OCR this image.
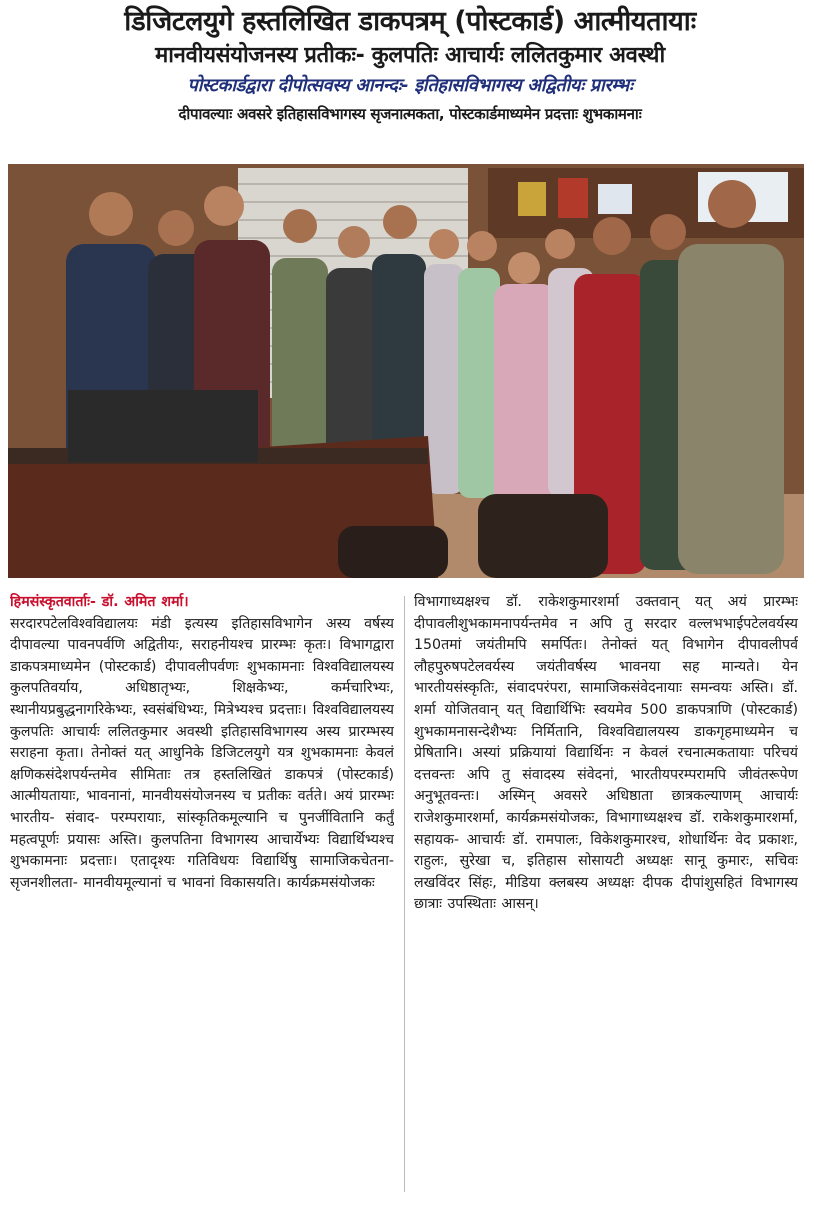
डिजिटलयुगे हस्तलिखित डाकपत्रम् (पोस्टकार्ड) आत्मीयतायाः
मानवीयसंयोजनस्य प्रतीकः- कुलपतिः आचार्यः ललितकुमार अवस्थी
पोस्टकार्डद्वारा दीपोत्सवस्य आनन्दः- इतिहासविभागस्य अद्वितीयः प्रारम्भः
दीपावल्याः अवसरे इतिहासविभागस्य सृजनात्मकता, पोस्टकार्डमाध्यमेन प्रदत्ताः शुभकामनाः
हिमसंस्कृतवार्ताः- डॉ. अमित शर्मा।
सरदारपटेलविश्वविद्यालयः मंडी इत्यस्य इतिहासविभागेन अस्य वर्षस्य दीपावल्या पावनपर्वणि अद्वितीयः, सराहनीयश्च प्रारम्भः कृतः। विभागद्वारा डाकपत्रमाध्यमेन (पोस्टकार्ड) दीपावलीपर्वणः शुभकामनाः विश्वविद्यालयस्य कुलपतिवर्याय, अधिष्ठातृभ्यः, शिक्षकेभ्यः, कर्मचारिभ्यः, स्थानीयप्रबुद्धनागरिकेभ्यः, स्वसंबंधिभ्यः, मित्रेभ्यश्च प्रदत्ताः। विश्वविद्यालयस्य कुलपतिः आचार्यः ललितकुमार अवस्थी इतिहासविभागस्य अस्य प्रारम्भस्य सराहना कृता। तेनोक्तं यत् आधुनिके डिजिटलयुगे यत्र शुभकामनाः केवलं क्षणिकसंदेशपर्यन्तमेव सीमिताः तत्र हस्तलिखितं डाकपत्रं (पोस्टकार्ड) आत्मीयतायाः, भावनानां, मानवीयसंयोजनस्य च प्रतीकः वर्तते। अयं प्रारम्भः भारतीय- संवाद- परम्परायाः, सांस्कृतिकमूल्यानि च पुनर्जीवितानि कर्तुं महत्वपूर्णः प्रयासः अस्ति। कुलपतिना विभागस्य आचार्येभ्यः विद्यार्थिभ्यश्च शुभकामनाः प्रदत्ताः। एतादृश्यः गतिविधयः विद्यार्थिषु सामाजिकचेतना- सृजनशीलता- मानवीयमूल्यानां च भावनां विकासयति। कार्यक्रमसंयोजकः
विभागाध्यक्षश्च डॉ. राकेशकुमारशर्मा उक्तवान् यत् अयं प्रारम्भः दीपावलीशुभकामनापर्यन्तमेव न अपि तु सरदार वल्लभभाईपटेलवर्यस्य 150तमां जयंतीमपि समर्पितः। तेनोक्तं यत् विभागेन दीपावलीपर्व लौहपुरुषपटेलवर्यस्य जयंतीवर्षस्य भावनया सह मान्यते। येन भारतीयसंस्कृतिः, संवादपरंपरा, सामाजिकसंवेदनायाः समन्वयः अस्ति। डॉ. शर्मा योजितवान् यत् विद्यार्थिभिः स्वयमेव 500 डाकपत्राणि (पोस्टकार्ड) शुभकामनासन्देशैभ्यः निर्मितानि, विश्वविद्यालयस्य डाकगृहमाध्यमेन च प्रेषितानि। अस्यां प्रक्रियायां विद्यार्थिनः न केवलं रचनात्मकतायाः परिचयं दत्तवन्तः अपि तु संवादस्य संवेदनां, भारतीयपरम्परामपि जीवंतरूपेण अनुभूतवन्तः। अस्मिन् अवसरे अधिष्ठाता छात्रकल्याणम् आचार्यः राजेशकुमारशर्मा, कार्यक्रमसंयोजकः, विभागाध्यक्षश्च डॉ. राकेशकुमारशर्मा, सहायक- आचार्यः डॉ. रामपालः, विकेशकुमारश्च, शोधार्थिनः वेद प्रकाशः, राहुलः, सुरेखा च, इतिहास सोसायटी अध्यक्षः सानू कुमारः, सचिवः लखविंदर सिंहः, मीडिया क्लबस्य अध्यक्षः दीपक दीपांशुसहितं विभागस्य छात्राः उपस्थिताः आसन्।
